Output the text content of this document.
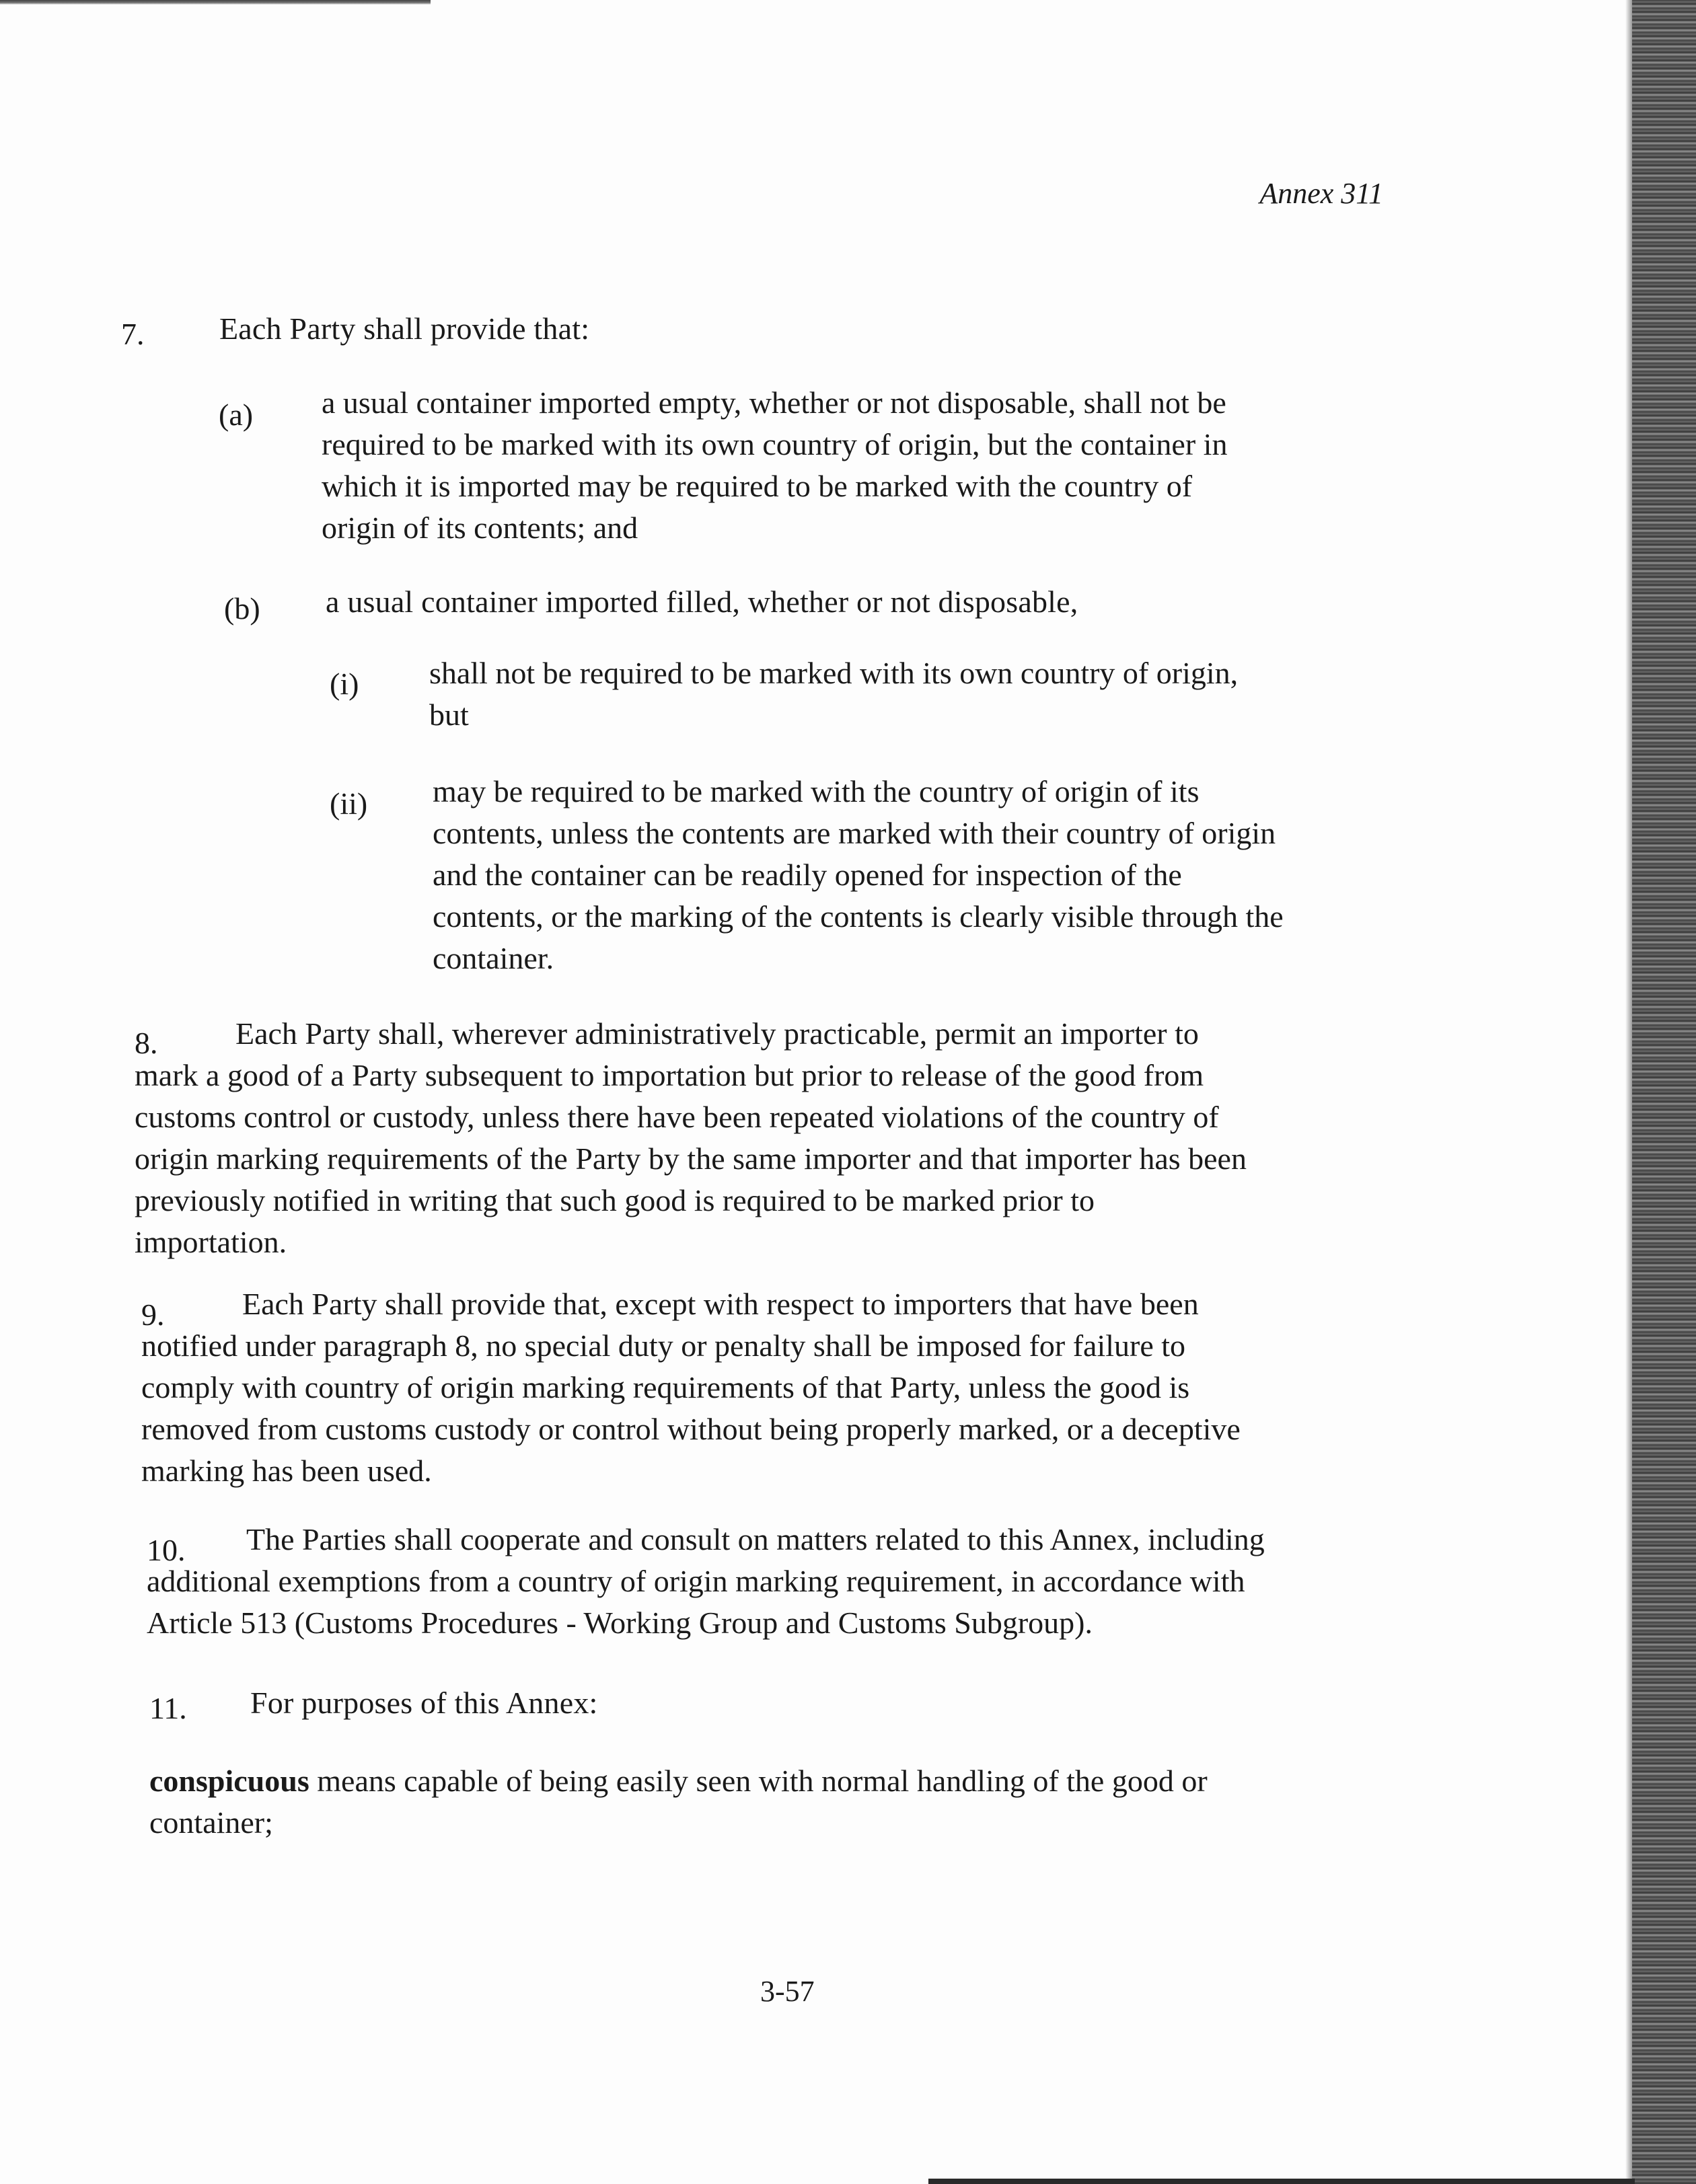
Annex 311
7. Each Party shall provide that:
(a) a usual container imported empty, whether or not disposable, shall not be
required to be marked with its own country of origin, but the container in
which it is imported may be required to be marked with the country of
origin of its contents; and
(b) a usual container imported filled, whether or not disposable,
(i) shall not be required to be marked with its own country of origin,
but
(ii) may be required to be marked with the country of origin of its
contents, unless the contents are marked with their country of origin
and the container can be readily opened for inspection of the
contents, or the marking of the contents is clearly visible through the
container.
8.	Each Party shall, wherever administratively practicable, permit an importer to
mark a good of a Party subsequent to importation but prior to release of the good from
customs control or custody, unless there have been repeated violations of the country of
origin marking requirements of the Party by the same importer and that importer has been
previously notified in writing that such good is required to be marked prior to
importation.
9.	Each Party shall provide that, except with respect to importers that have been
notified under paragraph 8, no special duty or penalty shall be imposed for failure to
comply with country of origin marking requirements of that Party, unless the good is
removed from customs custody or control without being properly marked, or a deceptive
marking has been used.
10.	The Parties shall cooperate and consult on matters related to this Annex, including
additional exemptions from a country of origin marking requirement, in accordance with
Article 513 (Customs Procedures - Working Group and Customs Subgroup).
11. For purposes of this Annex:
conspicuous means capable of being easily seen with normal handling of the good or
container;
3-57
